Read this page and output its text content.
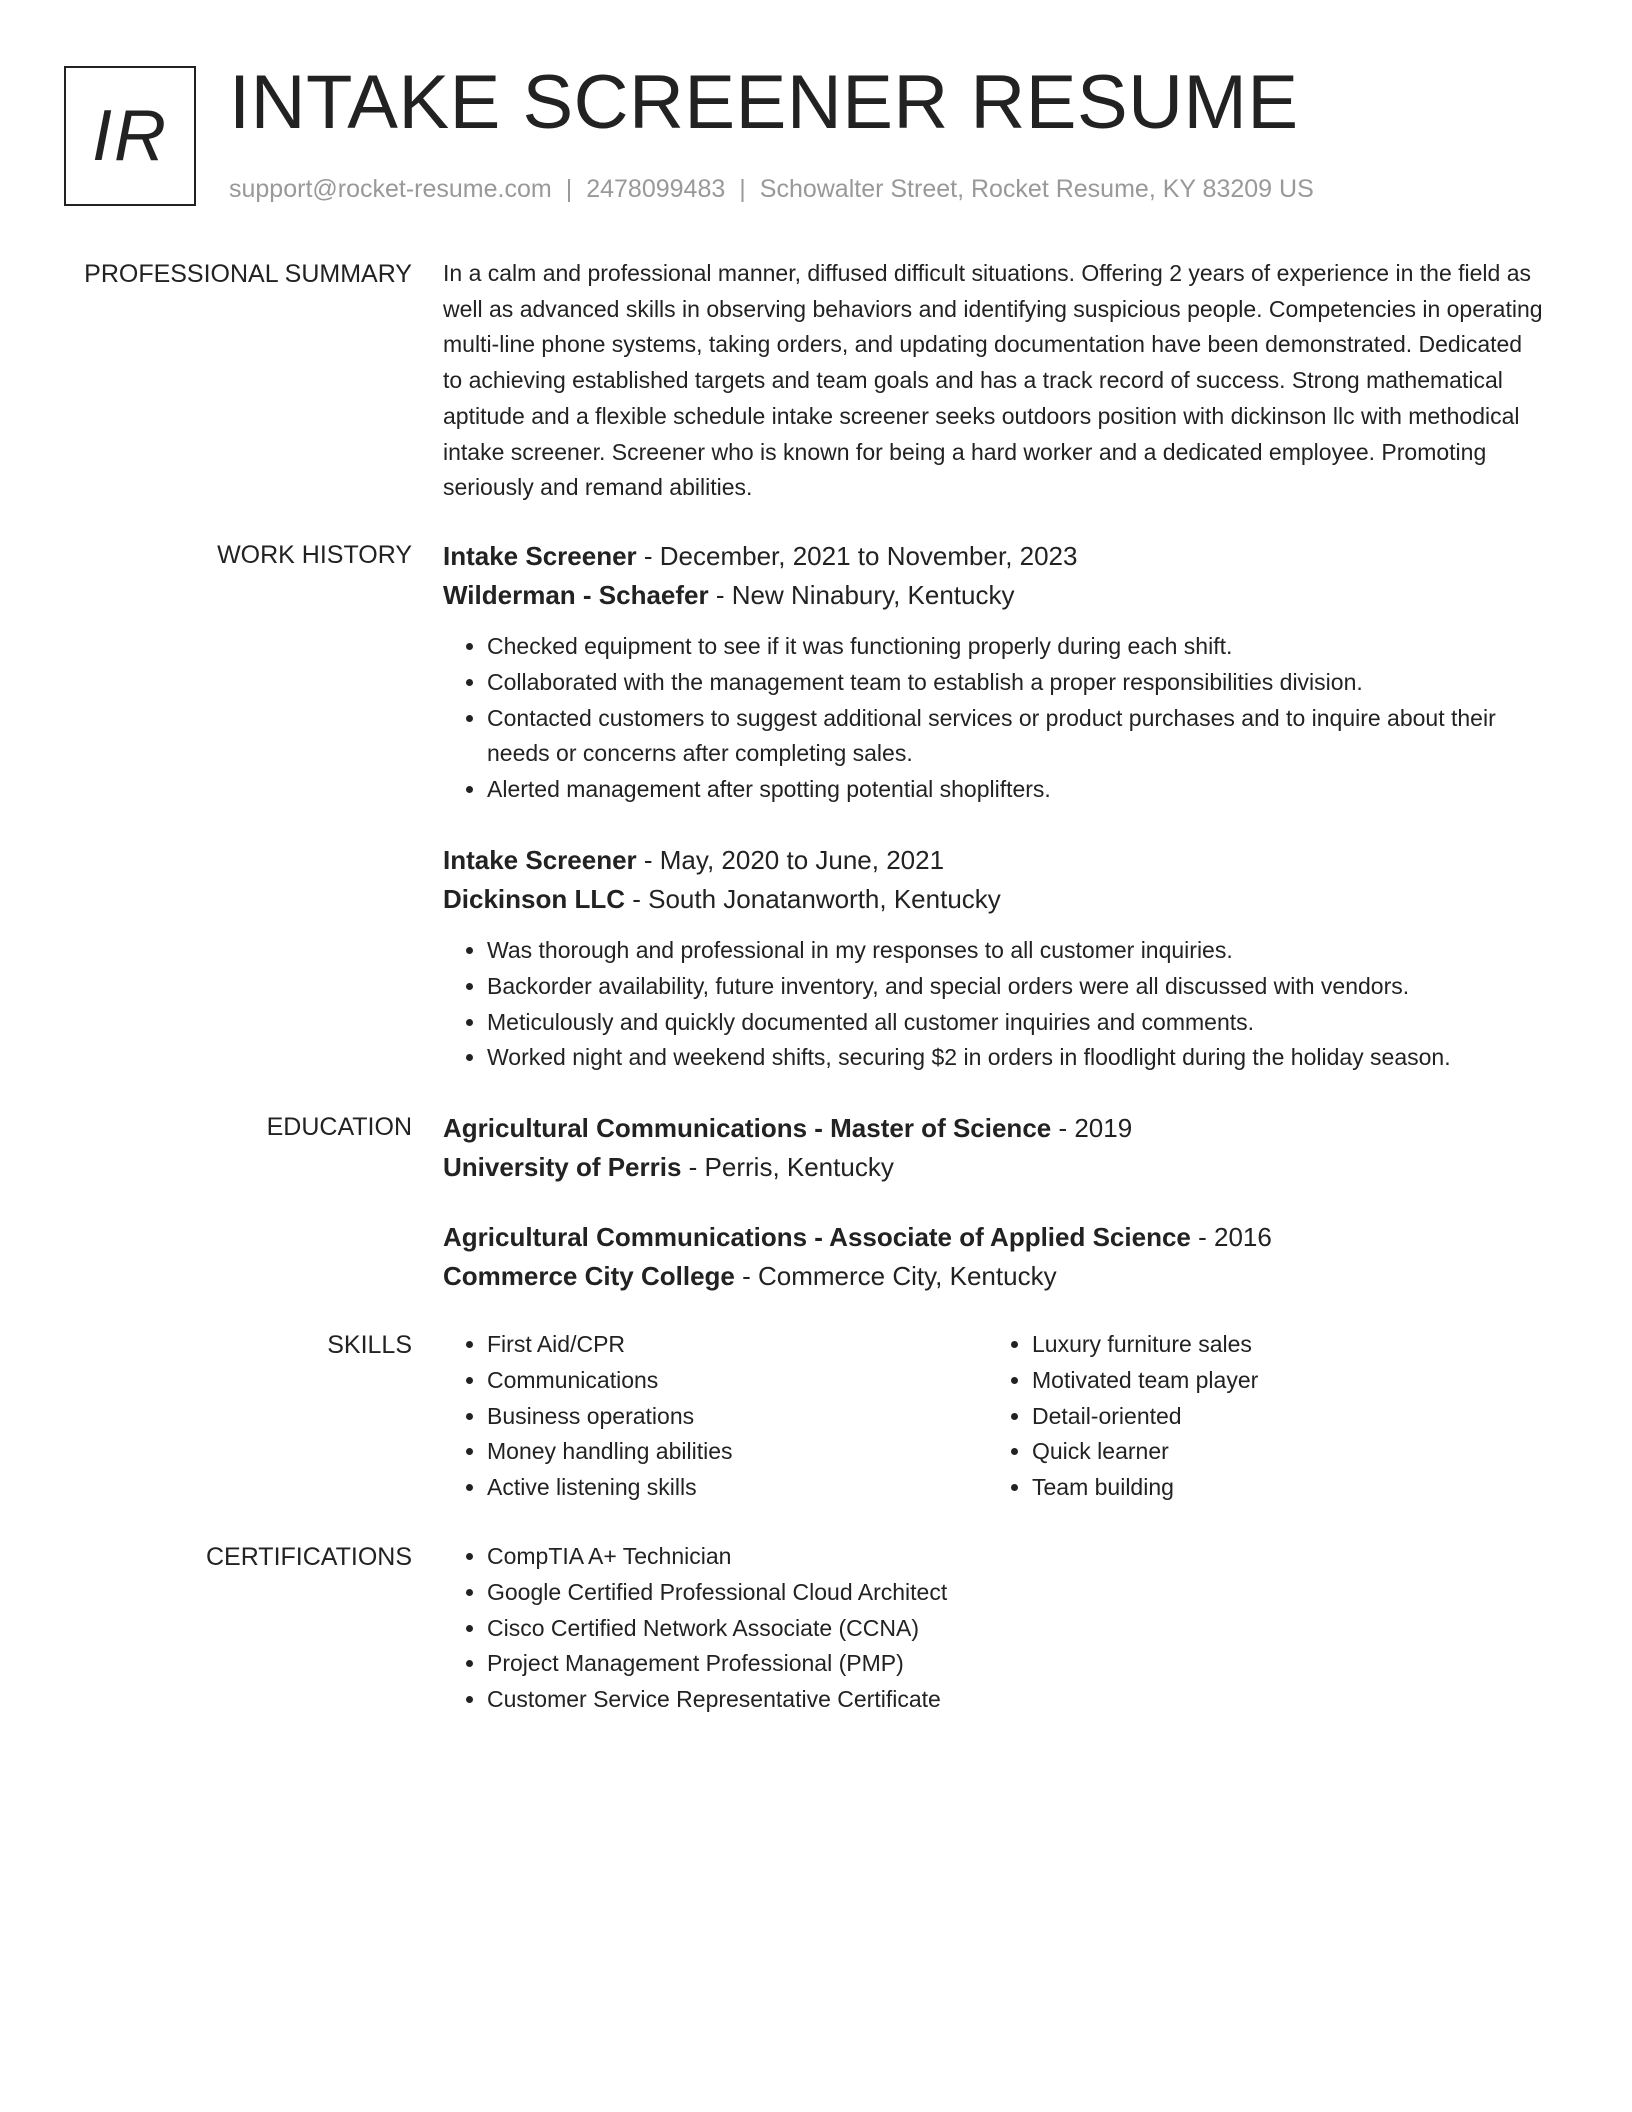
IR INTAKE SCREENER RESUME
support@rocket-resume.com | 2478099483 | Schowalter Street, Rocket Resume, KY 83209 US
PROFESSIONAL SUMMARY In a calm and professional manner, diffused difficult situations. Offering 2 years of experience in the field as well as advanced skills in observing behaviors and identifying suspicious people. Competencies in operating multi-line phone systems, taking orders, and updating documentation have been demonstrated. Dedicated to achieving established targets and team goals and has a track record of success. Strong mathematical aptitude and a flexible schedule intake screener seeks outdoors position with dickinson llc with methodical intake screener. Screener who is known for being a hard worker and a dedicated employee. Promoting seriously and remand abilities.

WORK HISTORY Intake Screener - December, 2021 to November, 2023

Wilderman - Schaefer - New Ninabury, Kentucky

• Checked equipment to see if it was functioning properly during each shift.
• Collaborated with the management team to establish a proper responsibilities division.
• Contacted customers to suggest additional services or product purchases and to inquire about their needs or concerns after completing sales.
• Alerted management after spotting potential shoplifters.

Intake Screener - May, 2020 to June, 2021

Dickinson LLC - South Jonatanworth, Kentucky

• Was thorough and professional in my responses to all customer inquiries.
• Backorder availability, future inventory, and special orders were all discussed with vendors.
• Meticulously and quickly documented all customer inquiries and comments.
• Worked night and weekend shifts, securing $2 in orders in floodlight during the holiday season.
EDUCATION Agricultural Communications - Master of Science - 2019

University of Perris - Perris, Kentucky

Agricultural Communications - Associate of Applied Science - 2016

Commerce City College - Commerce City, Kentucky

SKILLS	• First Aid/CPR
• Communications
• Business operations
• Money handling abilities
• Active listening skills
• Luxury furniture sales
• Motivated team player
• Detail-oriented
• Quick learner
• Team building
CERTIFICATIONS	• CompTIA A+ Technician
• Google Certified Professional Cloud Architect
• Cisco Certified Network Associate (CCNA)
• Project Management Professional (PMP)
• Customer Service Representative Certificate
